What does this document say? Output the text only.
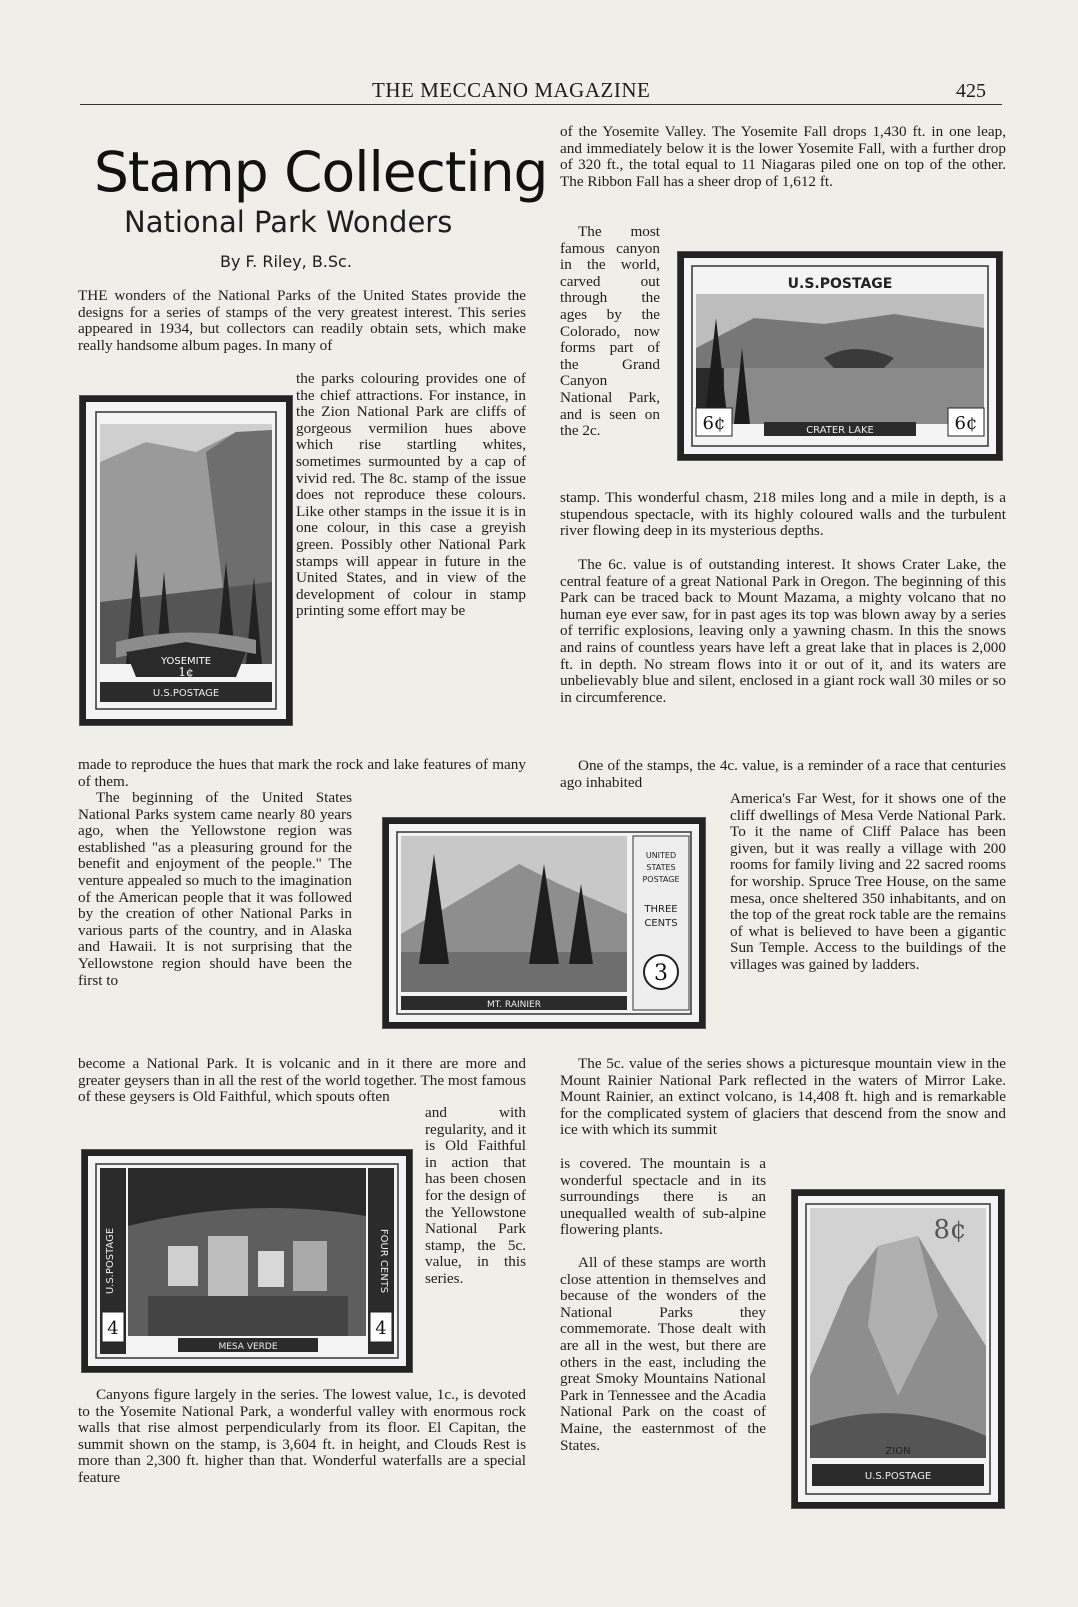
THE MECCANO MAGAZINE	425
Stamp Collecting
National Park Wonders
By F. Riley, B.Sc.

THE wonders of the National Parks of the United States provide the designs for a series of stamps of the very greatest interest. This series appeared in 1934, but collectors can readily obtain sets, which make really handsome album pages. In many of

the parks colouring provides one of the chief attractions. For instance, in the Zion National Park are cliffs of gorgeous vermilion hues above which rise startling whites, sometimes surmounted by a cap of vivid red. The 8c. stamp of the issue does not reproduce these colours. Like other stamps in the issue it is in one colour, in this case a greyish green. Possibly other National Park stamps will appear in future in the United States, and in view of the development of colour in stamp printing some effort may be

made to reproduce the hues that mark the rock and lake features of many of them.

The beginning of the United States National Parks system came nearly 80 years ago, when the Yellowstone region was established "as a pleasuring ground for the benefit and enjoyment of the people." The venture appealed so much to the imagination of the American people that it was followed by the creation of other National Parks in various parts of the country, and in Alaska and Hawaii. It is not surprising that the Yellowstone region should have been the first to

become a National Park. It is volcanic and in it there are more and greater geysers than in all the rest of the world together. The most famous of these geysers is Old Faithful, which spouts often

and with regularity, and it is Old Faithful in action that has been chosen for the design of the Yellowstone National Park stamp, the 5c. value, in this series.

Canyons figure largely in the series. The lowest value, 1c., is devoted to the Yosemite National Park, a wonderful valley with enormous rock walls that rise almost perpendicularly from its floor. El Capitan, the summit shown on the stamp, is 3,604 ft. in height, and Clouds Rest is more than 2,300 ft. higher than that. Wonderful waterfalls are a special feature

of the Yosemite Valley. The Yosemite Fall drops 1,430 ft. in one leap, and immediately below it is the lower Yosemite Fall, with a further drop of 320 ft., the total equal to 11 Niagaras piled one on top of the other. The Ribbon Fall has a sheer drop of 1,612 ft.

The most famous canyon in the world, carved out through the ages by the Colorado, now forms part of the Grand Canyon National Park, and is seen on the 2c.

stamp. This wonderful chasm, 218 miles long and a mile in depth, is a stupendous spectacle, with its highly coloured walls and the turbulent river flowing deep in its mysterious depths.

The 6c. value is of outstanding interest. It shows Crater Lake, the central feature of a great National Park in Oregon. The beginning of this Park can be traced back to Mount Mazama, a mighty volcano that no human eye ever saw, for in past ages its top was blown away by a series of terrific explosions, leaving only a yawning chasm. In this the snows and rains of countless years have left a great lake that in places is 2,000 ft. in depth. No stream flows into it or out of it, and its waters are unbelievably blue and silent, enclosed in a giant rock wall 30 miles or so in circumference.

One of the stamps, the 4c. value, is a reminder of a race that centuries ago inhabited

America's Far West, for it shows one of the cliff dwellings of Mesa Verde National Park. To it the name of Cliff Palace has been given, but it was really a village with 200 rooms for family living and 22 sacred rooms for worship. Spruce Tree House, on the same mesa, once sheltered 350 inhabitants, and on the top of the great rock table are the remains of what is believed to have been a gigantic Sun Temple. Access to the buildings of the villages was gained by ladders.

The 5c. value of the series shows a picturesque mountain view in the Mount Rainier National Park reflected in the waters of Mirror Lake. Mount Rainier, an extinct volcano, is 14,408 ft. high and is remarkable for the complicated system of glaciers that descend from the snow and ice with which its summit

is covered. The mountain is a wonderful spectacle and in its surroundings there is an unequalled wealth of sub-alpine flowering plants.

All of these stamps are worth close attention in themselves and because of the wonders of the National Parks they commemorate. Those dealt with are all in the west, but there are others in the east, including the great Smoky Mountains National Park in Tennessee and the Acadia National Park on the coast of Maine, the easternmost of the States.

YOSEMITE
1¢
U.S.POSTAGE
U.S.POSTAGE
6¢	6¢
CRATER LAKE
MT. RAINIER
UNITED
STATES
POSTAGE
THREE
CENTS
3
U.S.POSTAGE	FOUR CENTS
4	4
MESA VERDE
8¢
ZION
U.S.POSTAGE
